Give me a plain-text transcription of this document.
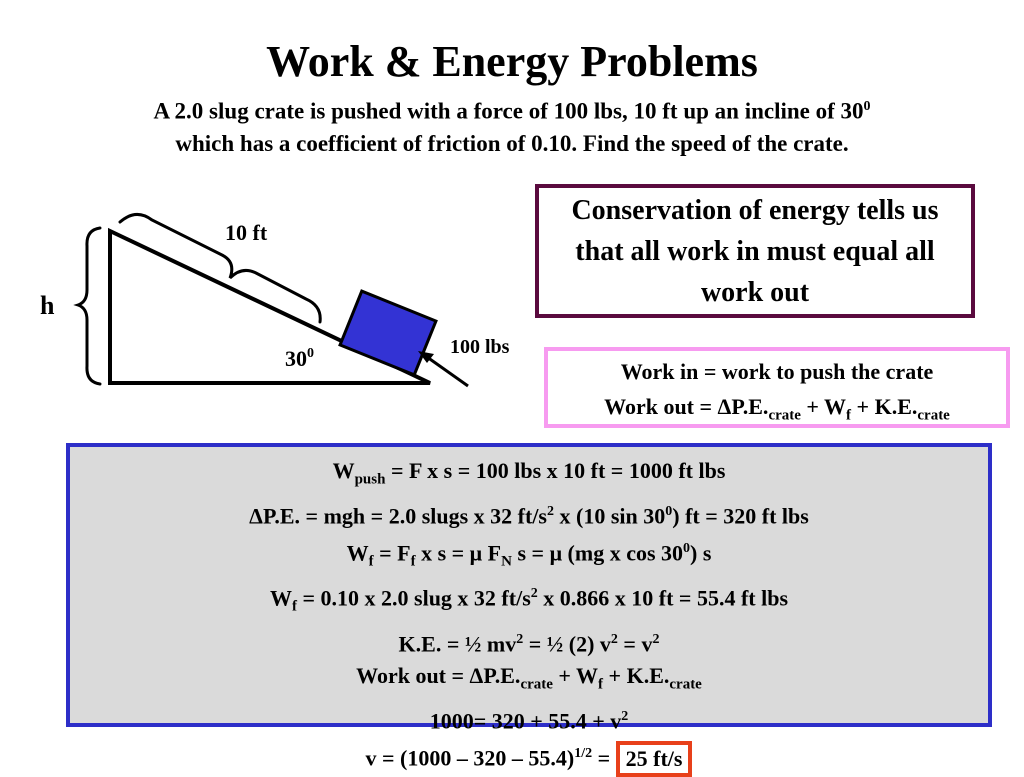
Work & Energy Problems
A 2.0 slug crate is pushed with a force of 100 lbs, 10 ft up an incline of $30^0$
which has a coefficient of friction of 0.10. Find the speed of the crate.
10 ft
h
$30^0$	100 lbs
Conservation of energy tells us that all work in must equal all work out
Work in = work to push the crate
Work out = $\Delta P.E._{crate} + W_f + K.E._{crate}$
$W_{push} = F$ x s = 100 lbs x 10 ft = 1000 ft lbs
ΔP.E. = mgh = 2.0 slugs x 32 $ft/s^2$ x (10 $\sin 30^0$) ft = 320 ft lbs
$W_f = F_f$ x s = μ $F_N$ s = μ (mg x $\cos 30^0$) s
$W_f = 0.10$ x 2.0 slug x 32 $ft/s^2$ x 0.866 x 10 ft = 55.4 ft lbs
K.E. = ½ $mv^2$ = ½ (2) $v^2 = v^2$
Work out = $\Delta P.E._{crate} + W_f + K.E._{crate}$
$1000= 320 + 55.4 + v^2$
v = (1000 – 320 – 55.4)$^{1/2}$ = 25 ft/s
